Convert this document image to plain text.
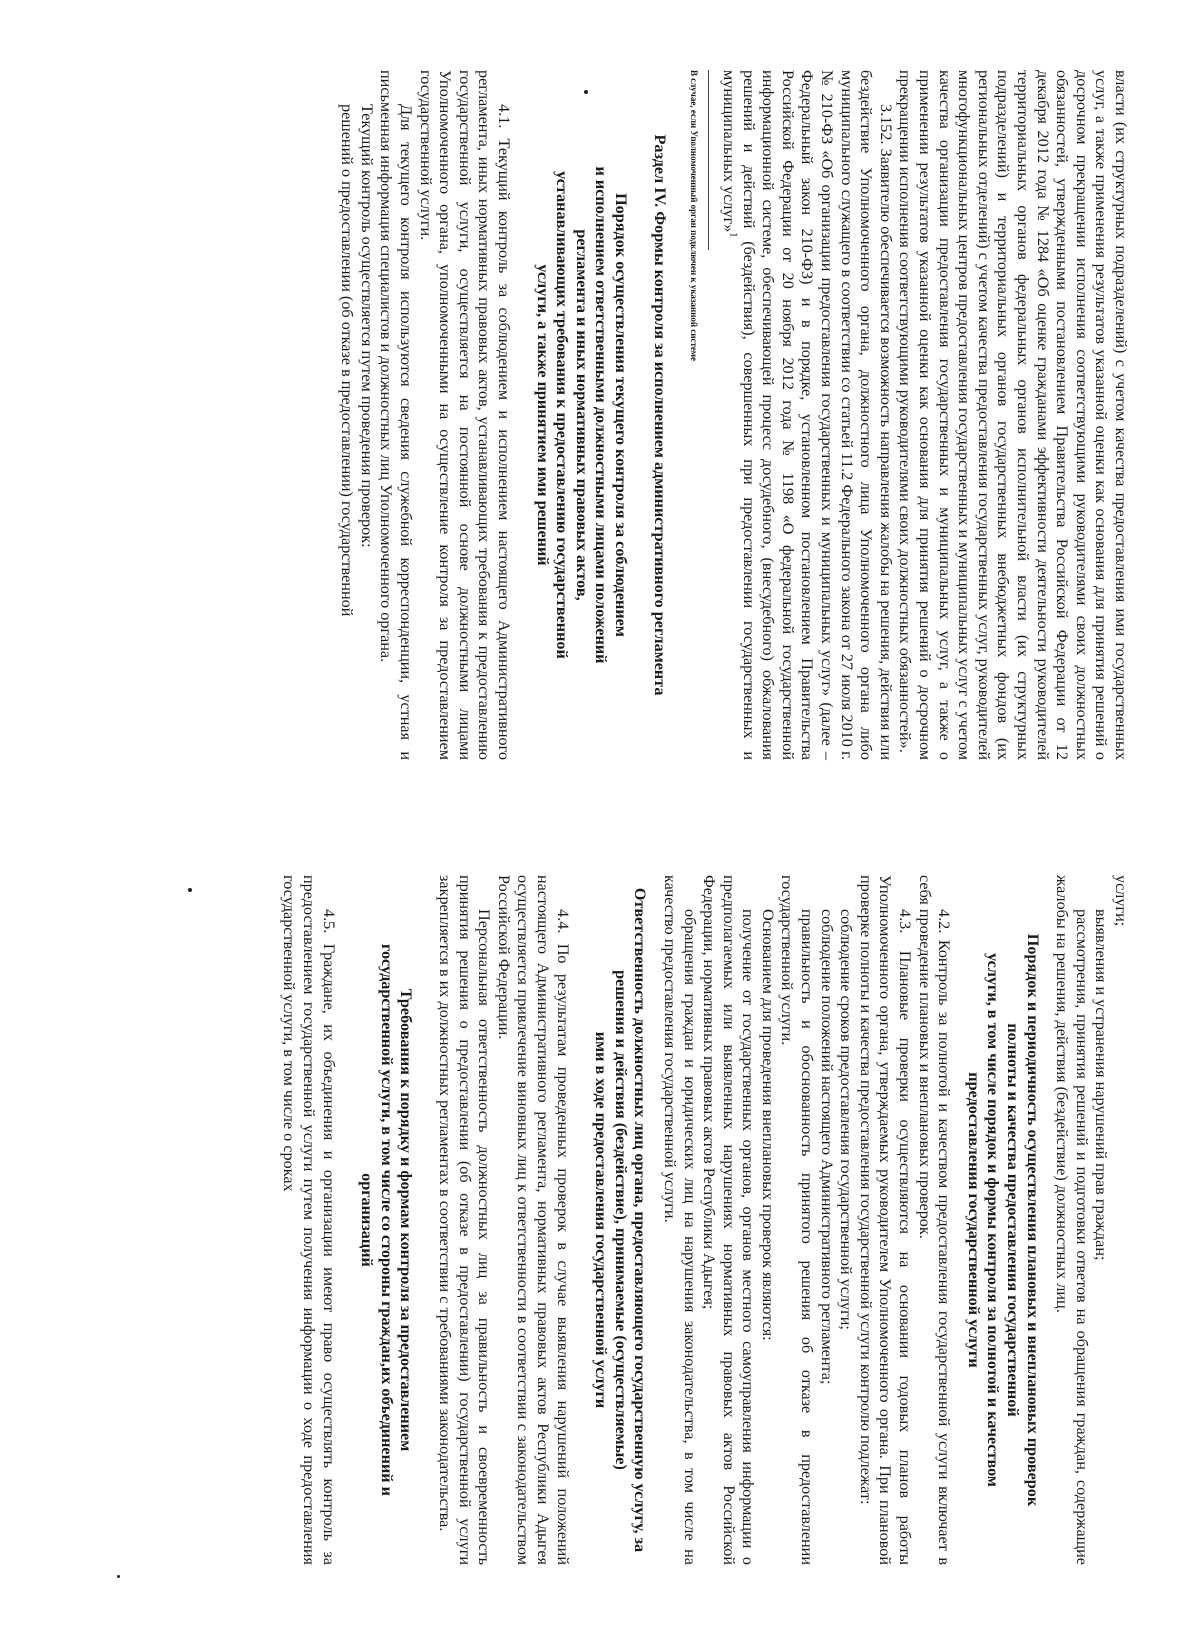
власти (их структурных подразделений) с учетом качества предоставления ими государственных услуг, а также применения результатов указанной оценки как основания для принятия решений о досрочном прекращении исполнения соответствующими руководителями своих должностных обязанностей, утвержденными постановлением Правительства Российской Федерации от 12 декабря 2012 года № 1284 «Об оценке гражданами эффективности деятельности руководителей территориальных органов федеральных органов исполнительной власти (их структурных подразделений) и территориальных органов государственных внебюджетных фондов (их региональных отделений) с учетом качества предоставления государственных услуг, руководителей многофункциональных центров предоставления государственных и муниципальных услуг с учетом качества организации предоставления государственных и муниципальных услуг, а также о применении результатов указанной оценки как основания для принятия решений о досрочном прекращении исполнения соответствующими руководителями своих должностных обязанностей».

3.152. Заявителю обеспечивается возможность направления жалобы на решения, действия или бездействие Уполномоченного органа, должностного лица Уполномоченного органа либо муниципального служащего в соответствии со статьей 11.2 Федерального закона от 27 июля 2010 г. № 210-ФЗ «Об организации предоставления государственных и муниципальных услуг» (далее – Федеральный закон 210-ФЗ) и в порядке, установленном постановлением Правительства Российской Федерации от 20 ноября 2012 года № 1198 «О федеральной государственной информационной системе, обеспечивающей процесс досудебного, (внесудебного) обжалования решений и действий (бездействия), совершенных при предоставлении государственных и муниципальных услуг»$^1$

В случае, если Уполномоченный орган подключен к указанной системе

Раздел IV. Формы контроля за исполнением административного регламента

Порядок осуществления текущего контроля за соблюдением

и исполнением ответственными должностными лицами положений

регламента и иных нормативных правовых актов,

устанавливающих требования к предоставлению государственной

услуги, а также принятием ими решений

4.1. Текущий контроль за соблюдением и исполнением настоящего Административного регламента, иных нормативных правовых актов, устанавливающих требования к предоставлению государственной услуги, осуществляется на постоянной основе должностными лицами Уполномоченного органа, уполномоченными на осуществление контроля за предоставлением государственной услуги.

Для текущего контроля используются сведения служебной корреспонденции, устная и письменная информация специалистов и должностных лиц Уполномоченного органа.

Текущий контроль осуществляется путем проведения проверок:

решений о предоставлении (об отказе в предоставлении) государственной

услуги;

выявления и устранения нарушений прав граждан;

рассмотрения, принятия решений и подготовки ответов на обращения граждан, содержащие жалобы на решения, действия (бездействие) должностных лиц.

Порядок и периодичность осуществления плановых и внеплановых проверок

полноты и качества предоставления государственной

услуги, в том числе порядок и формы контроля за полнотой и качеством

предоставления государственной услуги

4.2. Контроль за полнотой и качеством предоставления государственной услуги включает в себя проведение плановых и внеплановых проверок.

4.3. Плановые проверки осуществляются на основании годовых планов работы Уполномоченного органа, утверждаемых руководителем Уполномоченного органа. При плановой проверке полноты и качества предоставления государственной услуги контролю подлежат:

соблюдение сроков предоставления государственной услуги;

соблюдение положений настоящего Административного регламента;

правильность и обоснованность принятого решения об отказе в предоставлении государственной услуги.

Основанием для проведения внеплановых проверок являются:

получение от государственных органов, органов местного самоуправления информации о предполагаемых или выявленных нарушениях нормативных правовых актов Российской Федерации, нормативных правовых актов Республики Адыгея;

обращения граждан и юридических лиц на нарушения законодательства, в том числе на качество предоставления государственной услуги.

Ответственность должностных лиц органа, предоставляющего государственную услугу, за решения и действия (бездействие), принимаемые (осуществляемые)

ими в ходе предоставления государственной услуги

4.4. По результатам проведенных проверок в случае выявления нарушений положений настоящего Административного регламента, нормативных правовых актов Республики Адыгея осуществляется привлечение виновных лиц к ответственности в соответствии с законодательством Российской Федерации.

Персональная ответственность должностных лиц за правильность и своевременность принятия решения о предоставлении (об отказе в предоставлении) государственной услуги закрепляется в их должностных регламентах в соответствии с требованиями законодательства.

Требования к порядку и формам контроля за предоставлением

государственной услуги, в том числе со стороны граждан,их объединений и

организаций

4.5. Граждане, их объединения и организации имеют право осуществлять контроль за предоставлением государственной услуги путем получения информации о ходе предоставления государственной услуги, в том числе о сроках
